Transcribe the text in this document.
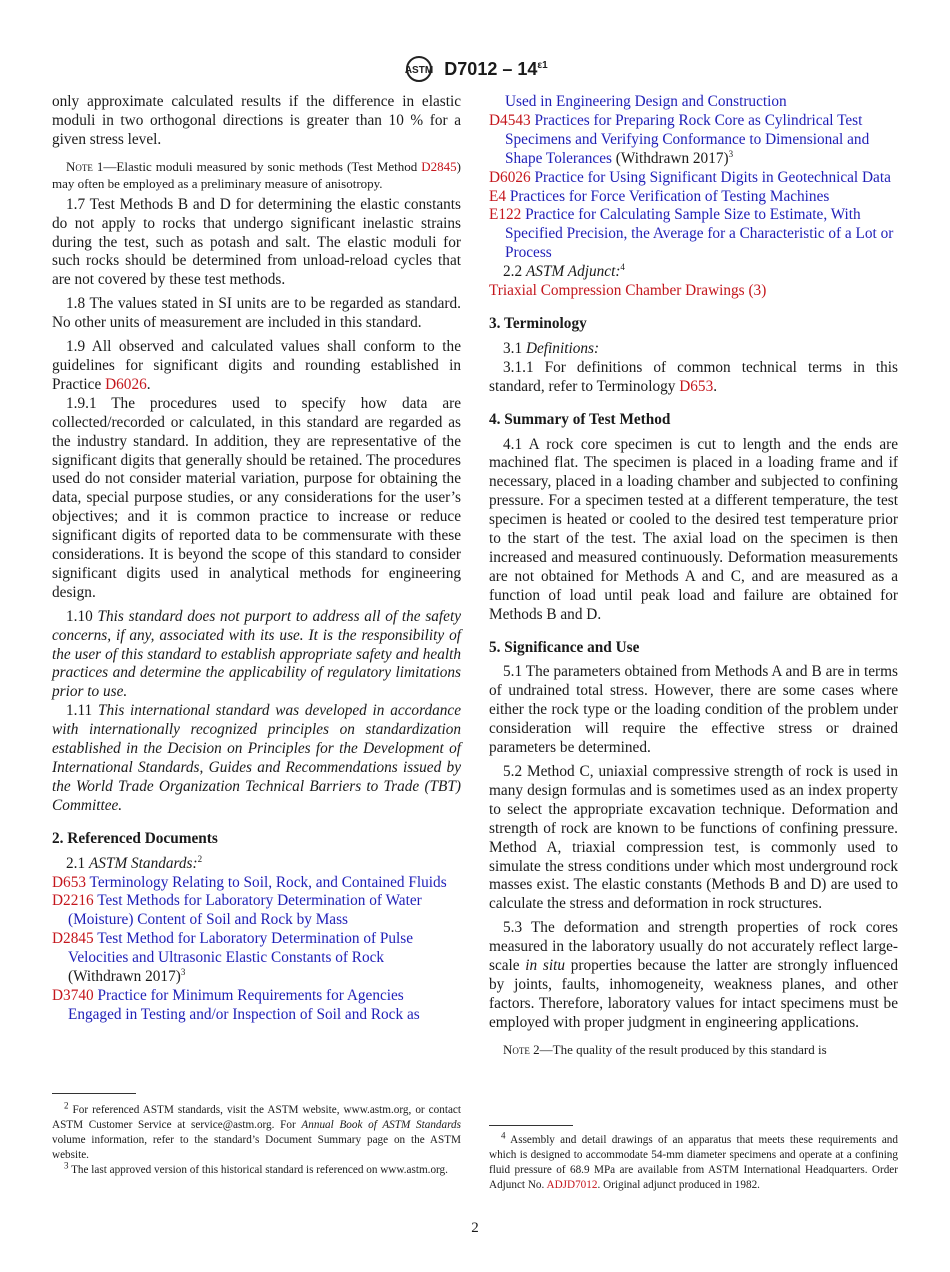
ASTM $D7012 - 14^{\varepsilon 1}$
only approximate calculated results if the difference in elastic moduli in two orthogonal directions is greater than 10 % for a given stress level.
Note 1—Elastic moduli measured by sonic methods (Test Method D2845) may often be employed as a preliminary measure of anisotropy.
1.7 Test Methods B and D for determining the elastic constants do not apply to rocks that undergo significant inelastic strains during the test, such as potash and salt. The elastic moduli for such rocks should be determined from unload-reload cycles that are not covered by these test methods.
1.8 The values stated in SI units are to be regarded as standard. No other units of measurement are included in this standard.
1.9 All observed and calculated values shall conform to the guidelines for significant digits and rounding established in Practice D6026.
1.9.1 The procedures used to specify how data are collected/recorded or calculated, in this standard are regarded as the industry standard. In addition, they are representative of the significant digits that generally should be retained. The procedures used do not consider material variation, purpose for obtaining the data, special purpose studies, or any considerations for the user’s objectives; and it is common practice to increase or reduce significant digits of reported data to be commensurate with these considerations. It is beyond the scope of this standard to consider significant digits used in analytical methods for engineering design.
1.10 This standard does not purport to address all of the safety concerns, if any, associated with its use. It is the responsibility of the user of this standard to establish appropriate safety and health practices and determine the applicability of regulatory limitations prior to use.
1.11 This international standard was developed in accordance with internationally recognized principles on standardization established in the Decision on Principles for the Development of International Standards, Guides and Recommendations issued by the World Trade Organization Technical Barriers to Trade (TBT) Committee.
2. Referenced Documents
2.1 ASTM Standards:$^2$
D653 Terminology Relating to Soil, Rock, and Contained Fluids
D2216 Test Methods for Laboratory Determination of Water (Moisture) Content of Soil and Rock by Mass
D2845 Test Method for Laboratory Determination of Pulse Velocities and Ultrasonic Elastic Constants of Rock (Withdrawn 2017)$^3$
D3740 Practice for Minimum Requirements for Agencies Engaged in Testing and/or Inspection of Soil and Rock as
Used in Engineering Design and Construction
D4543 Practices for Preparing Rock Core as Cylindrical Test Specimens and Verifying Conformance to Dimensional and Shape Tolerances (Withdrawn 2017)$^3$
D6026 Practice for Using Significant Digits in Geotechnical Data
E4 Practices for Force Verification of Testing Machines
E122 Practice for Calculating Sample Size to Estimate, With Specified Precision, the Average for a Characteristic of a Lot or Process
2.2 ASTM Adjunct:$^4$
Triaxial Compression Chamber Drawings (3)
3. Terminology
3.1 Definitions:
3.1.1 For definitions of common technical terms in this standard, refer to Terminology D653.
4. Summary of Test Method
4.1 A rock core specimen is cut to length and the ends are machined flat. The specimen is placed in a loading frame and if necessary, placed in a loading chamber and subjected to confining pressure. For a specimen tested at a different temperature, the test specimen is heated or cooled to the desired test temperature prior to the start of the test. The axial load on the specimen is then increased and measured continuously. Deformation measurements are not obtained for Methods A and C, and are measured as a function of load until peak load and failure are obtained for Methods B and D.
5. Significance and Use
5.1 The parameters obtained from Methods A and B are in terms of undrained total stress. However, there are some cases where either the rock type or the loading condition of the problem under consideration will require the effective stress or drained parameters be determined.
5.2 Method C, uniaxial compressive strength of rock is used in many design formulas and is sometimes used as an index property to select the appropriate excavation technique. Deformation and strength of rock are known to be functions of confining pressure. Method A, triaxial compression test, is commonly used to simulate the stress conditions under which most underground rock masses exist. The elastic constants (Methods B and D) are used to calculate the stress and deformation in rock structures.
5.3 The deformation and strength properties of rock cores measured in the laboratory usually do not accurately reflect large-scale in situ properties because the latter are strongly influenced by joints, faults, inhomogeneity, weakness planes, and other factors. Therefore, laboratory values for intact specimens must be employed with proper judgment in engineering applications.
Note 2—The quality of the result produced by this standard is
$^2$ For referenced ASTM standards, visit the ASTM website, www.astm.org, or contact ASTM Customer Service at service@astm.org. For Annual Book of ASTM Standards volume information, refer to the standard’s Document Summary page on the ASTM website.
$^3$ The last approved version of this historical standard is referenced on www.astm.org.
$^4$ Assembly and detail drawings of an apparatus that meets these requirements and which is designed to accommodate 54-mm diameter specimens and operate at a confining fluid pressure of 68.9 MPa are available from ASTM International Headquarters. Order Adjunct No. ADJD7012. Original adjunct produced in 1982.
2
